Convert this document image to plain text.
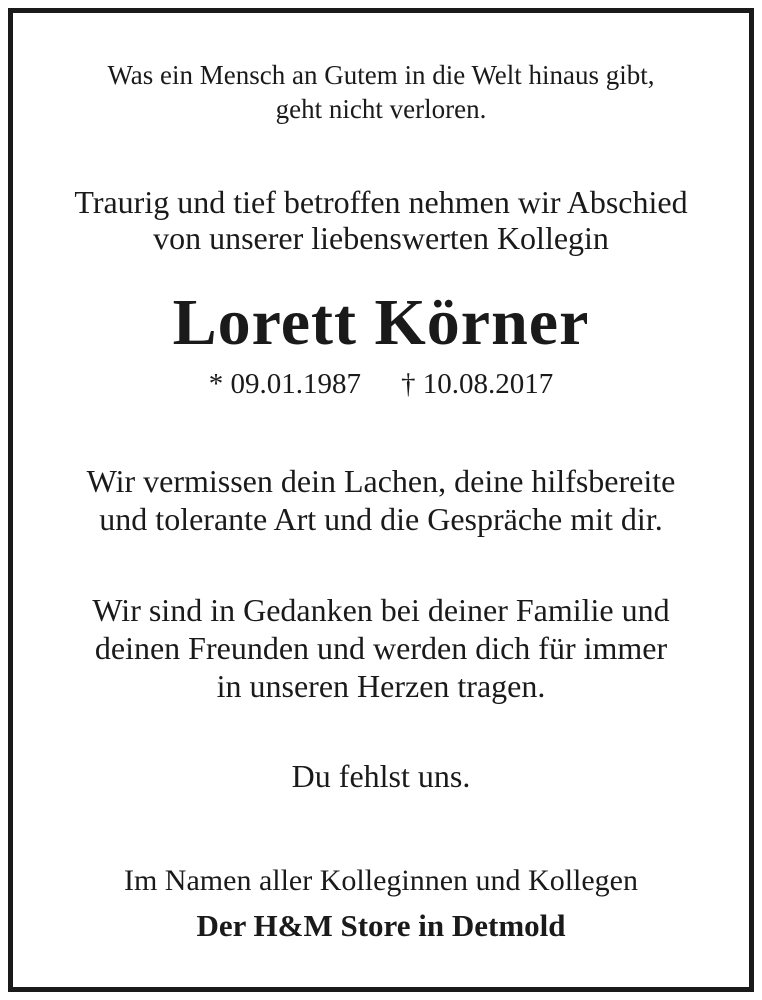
Was ein Mensch an Gutem in die Welt hinaus gibt,
geht nicht verloren.
Traurig und tief betroffen nehmen wir Abschied
von unserer liebenswerten Kollegin
Lorett Körner
* 09.01.1987 † 10.08.2017
Wir vermissen dein Lachen, deine hilfsbereite
und tolerante Art und die Gespräche mit dir.
Wir sind in Gedanken bei deiner Familie und
deinen Freunden und werden dich für immer
in unseren Herzen tragen.
Du fehlst uns.
Im Namen aller Kolleginnen und Kollegen
Der H&M Store in Detmold
